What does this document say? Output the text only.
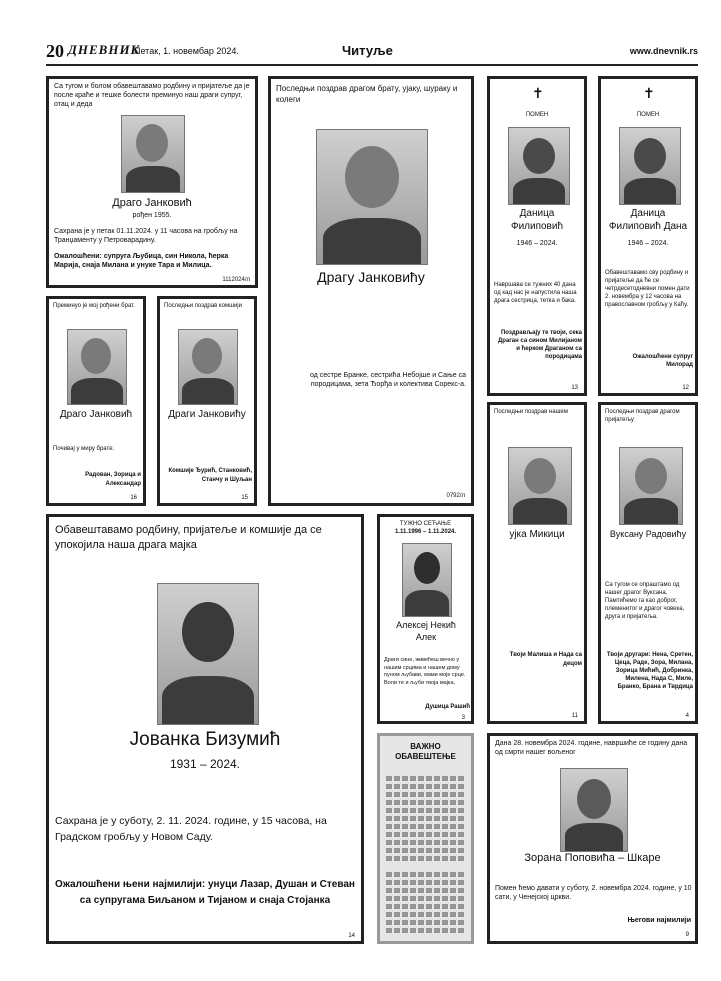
20 ДНЕВНИК
Петак, 1. новембар 2024.	Читуље	www.dnevnik.rs
Са тугом и болом обавештавамо родбину и пријатеље да је после краће и тешке болести преминуо наш драги супруг, отац и деда
Драго Јанковић
рођен 1955.
Сахрана је у петак 01.11.2024. у 11 часова на гробљу на Транџаменту у Петроварадину.
Ожалошћени: супруга Љубица, син Никола, ћерка Марија, снаја Милана и унуке Тара и Милица.
1112024/л
Последњи поздрав драгом брату, ујаку, шураку и колеги
Драгу Јанковићу
од сестре Бранке, сестрића Небојше и Сање са породицама, зета Ђорђа и колектива Сорекс-а.
0792/л
Преминуо је мој рођени брат.
Драго Јанковић
Почивај у миру брате.
Радован, Зорица и Александар
16
Последњи поздрав комшији
Драги Јанковићу
Комшије Ђурић, Станковић, Станчу и Шуљан
15
✝
ПОМЕН
Даница Филиповић
1946 – 2024.
Навршава се тужних 40 дана од кад нас је напустила наша драга сестрица, тетка и бака.
Поздрављају те твоји, сека Драган са сином Милијаном и ћерком Драганом са породицама
13
✝
ПОМЕН
Даница Филиповић Дана
1946 – 2024.
Обавештавамо сву родбину и пријатеље да ће се четрдесетодневни помен дати 2. новембра у 12 часова на православном гробљу у Каћу.
Ожалошћени супруг Милорад
12
Последњи поздрав нашем
ујка Микици
Твоји Малиша и Нада са децом
11
Последњи поздрав драгом пријатељу
Вуксану Радовићу
Са тугом се опраштамо од нашег драгог Вуксана. Памтићемо га као доброг, племенитог и драгог човека, друга и пријатеља.
Твоји другари: Нена, Сретен, Цеца, Раде, Зора, Милана, Зорица Мићић, Добринка, Милена, Нада С, Миле, Бранко, Брана и Тврдица
4
Обавештавамо родбину, пријатеље и комшије да се упокојила наша драга мајка
Јованка Бизумић
1931 – 2024.
Сахрана је у суботу, 2. 11. 2024. године, у 15 часова, на Градском гробљу у Новом Саду.
Ожалошћени њени најмилији: унуци Лазар, Душан и Стеван са супругама Биљаном и Тијаном и снаја Стојанка
14
ТУЖНО СЕЋАЊЕ
1.11.1996 – 1.11.2024.
Алексеј Некић Алек
Драги сине, живећеш вечно у нашим срцима и нашем дому пуном љубави, мами моје срце. Воли те и љуби твоја мајка,
Душица Рашић
3
ВАЖНО ОБАВЕШТЕЊЕ
Дана 28. новембра 2024. године, навршиће се годину дана од смрти нашег вољеног
Зорана Поповића – Шкаре
Помен ћемо давати у суботу, 2. новембра 2024. године, у 10 сати, у Ченејској цркви.
Његови најмилији
9
